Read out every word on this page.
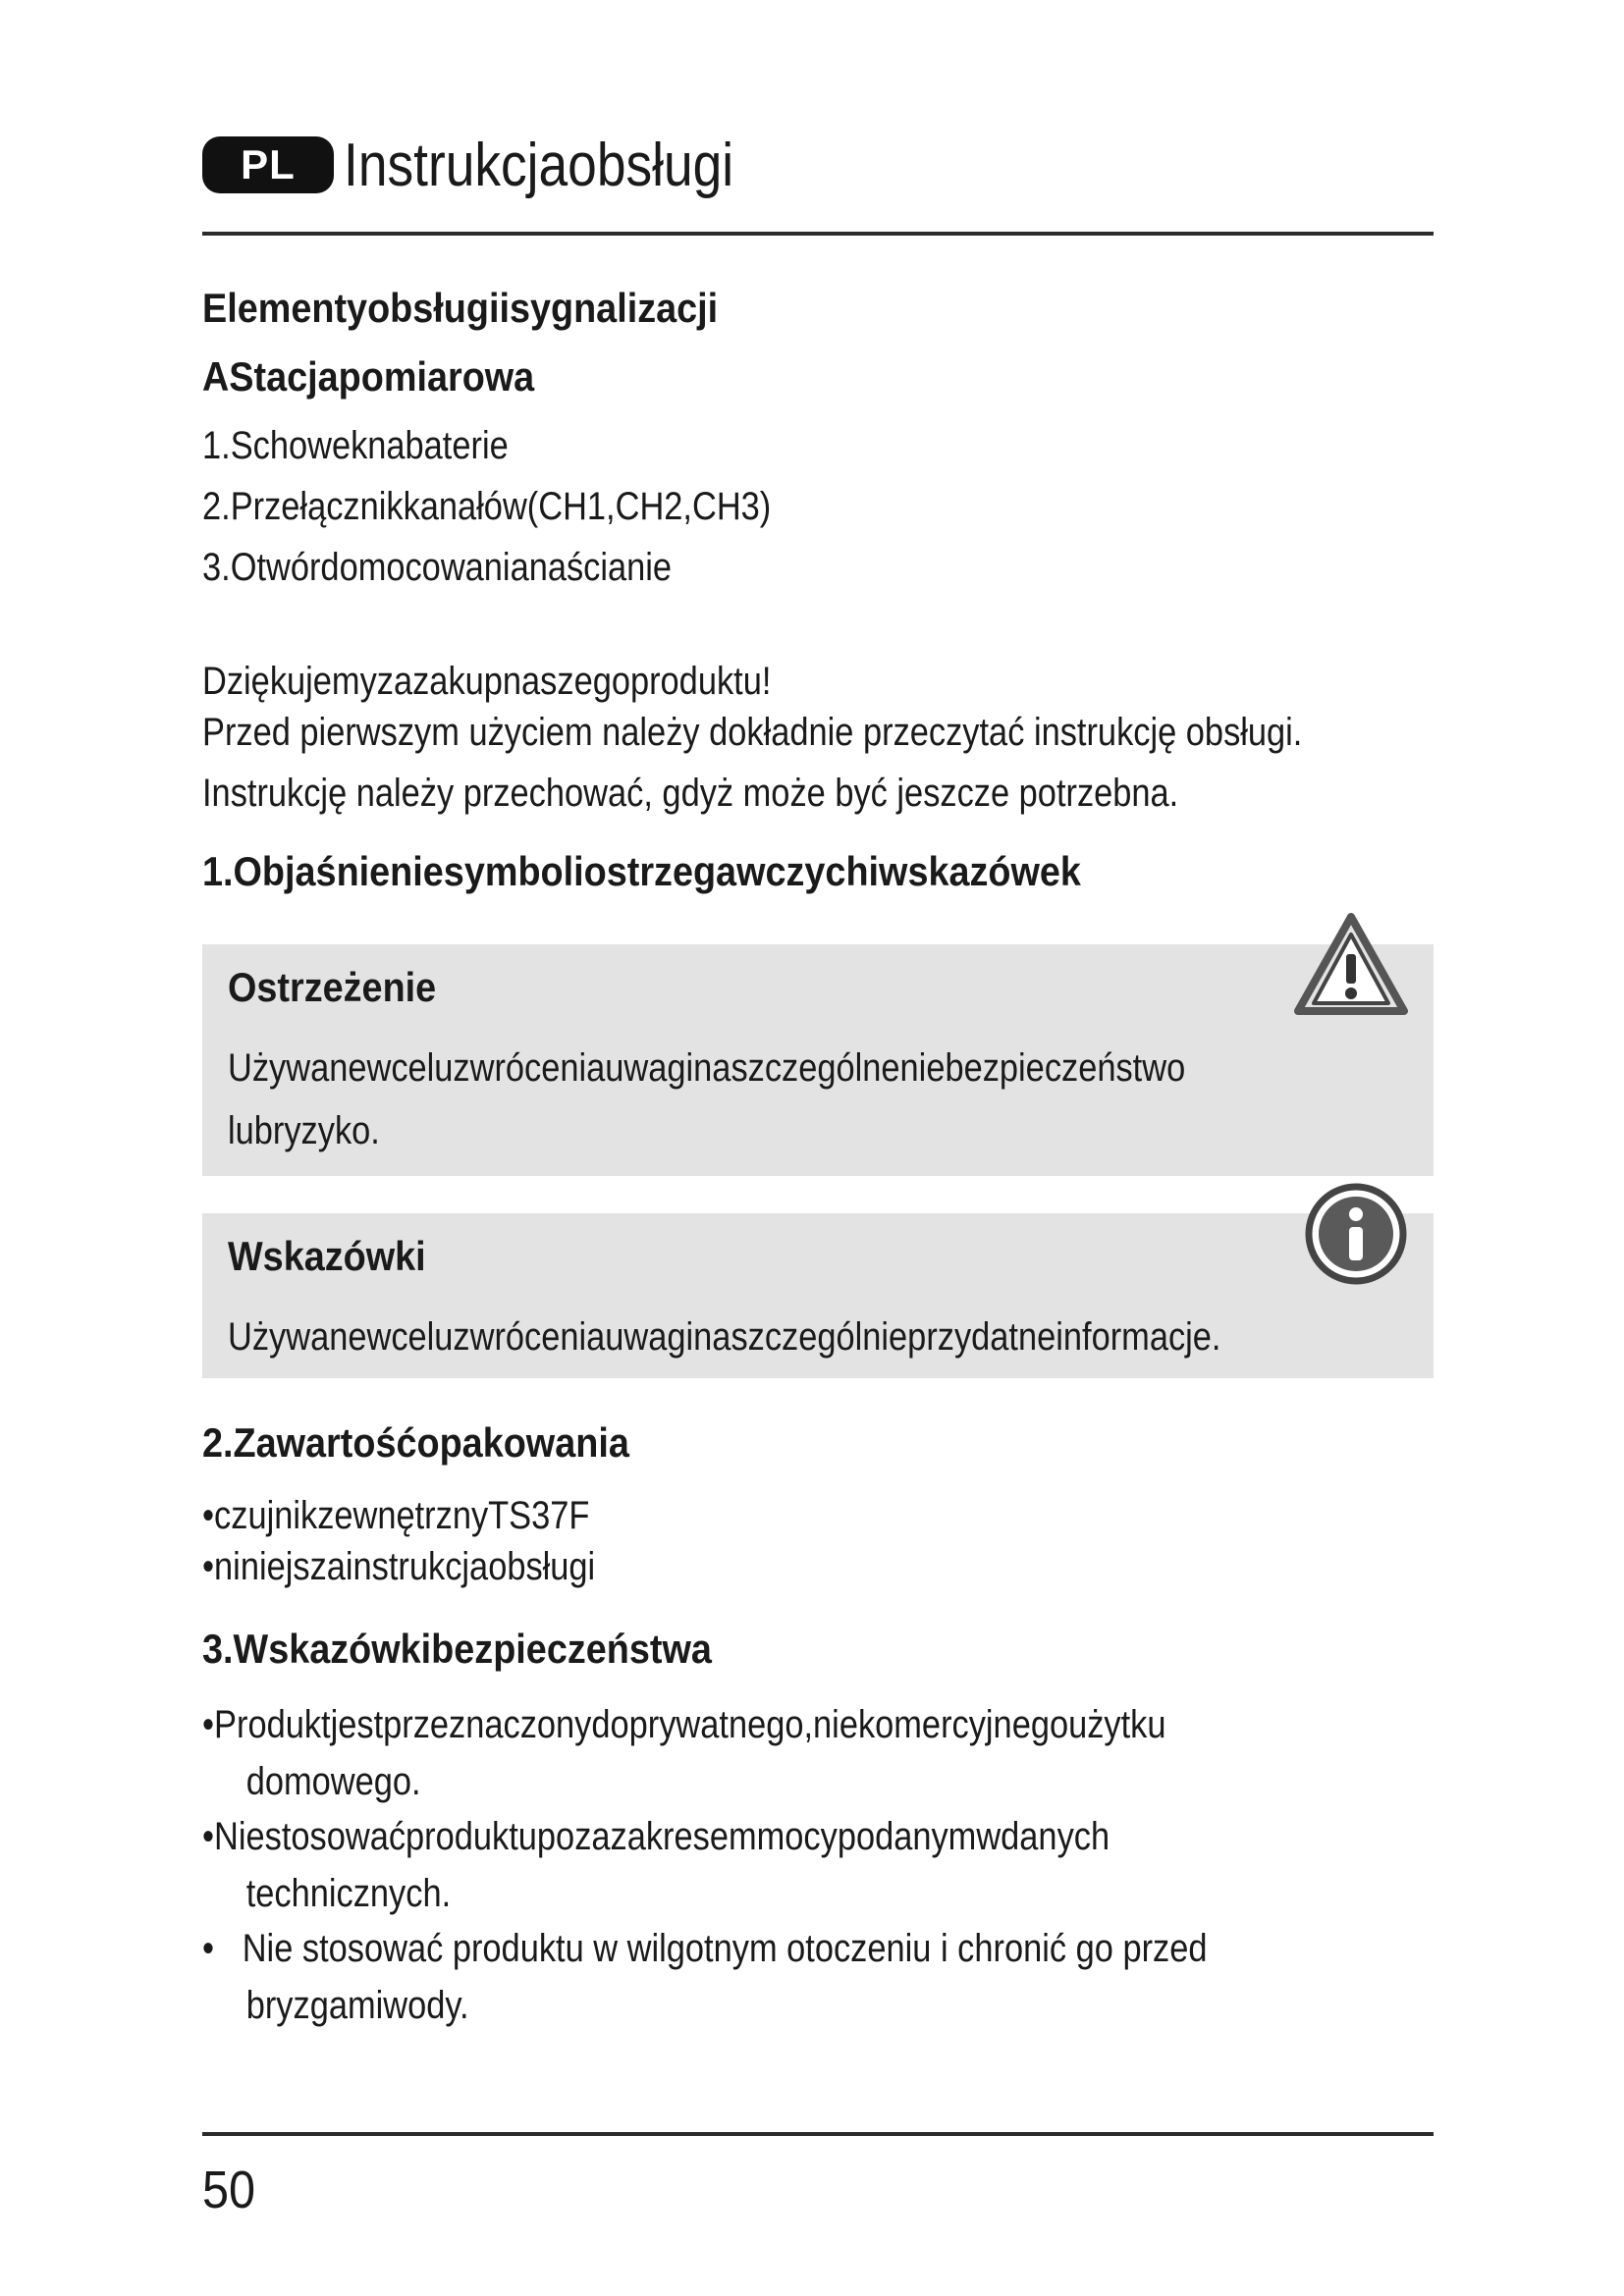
PL Instrukcjaobsługi
Elementyobsługiisygnalizacji
AStacjapomiarowa
1.Schoweknabaterie
2.Przełącznikkanałów(CH1,CH2,CH3)
3.Otwórdomocowanianaścianie
Dziękujemyzazakupnaszegoproduktu!
Przed pierwszym użyciem należy dokładnie przeczytać instrukcję obsługi.
Instrukcję należy przechować, gdyż może być jeszcze potrzebna.
1.Objaśnieniesymboliostrzegawczychiwskazówek
Ostrzeżenie
Używanewceluzwróceniauwaginaszczególneniebezpieczeństwo
lubryzyko.
Wskazówki
Używanewceluzwróceniauwaginaszczególnieprzydatneinformacje.
2.Zawartośćopakowania
•czujnikzewnętrznyTS37F
•niniejszainstrukcjaobsługi
3.Wskazówkibezpieczeństwa
•Produktjestprzeznaczonydoprywatnego,niekomercyjnegoużytku
domowego.
•Niestosowaćproduktupozazakresemmocypodanymwdanych
technicznych.
•   Nie stosować produktu w wilgotnym otoczeniu i chronić go przed
bryzgamiwody.
50
